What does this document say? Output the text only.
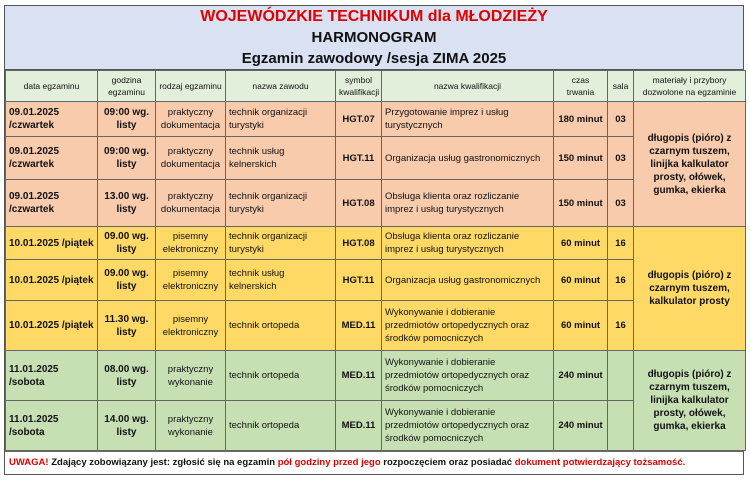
WOJEWÓDZKIE TECHNIKUM dla MŁODZIEŻY
HARMONOGRAM
Egzamin zawodowy /sesja ZIMA 2025
data egzaminu	godzina egzaminu	rodzaj egzaminu	nazwa zawodu	symbol kwalifikacji	nazwa kwalifikacji	czas trwania	sala	materiały i przybory dozwolone na egzaminie
09.01.2025 /czwartek	09:00 wg. listy	praktyczny dokumentacja	technik organizacji turystyki	HGT.07	Przygotowanie imprez i usług turystycznych	180 minut	03	długopis (pióro) z czarnym tuszem, linijka kalkulator prosty, ołówek, gumka, ekierka
09.01.2025 /czwartek	09:00 wg. listy	praktyczny dokumentacja	technik usług kelnerskich	HGT.11	Organizacja usług gastronomicznych	150 minut	03	
09.01.2025 /czwartek	13.00 wg. listy	praktyczny dokumentacja	technik organizacji turystyki	HGT.08	Obsługa klienta oraz rozliczanie imprez i usług turystycznych	150 minut	03	
10.01.2025 /piątek	09.00 wg. listy	pisemny elektroniczny	technik organizacji turystyki	HGT.08	Obsługa klienta oraz rozliczanie imprez i usług turystycznych	60 minut	16	długopis (pióro) z czarnym tuszem, kalkulator prosty
10.01.2025 /piątek	09.00 wg. listy	pisemny elektroniczny	technik usług kelnerskich	HGT.11	Organizacja usług gastronomicznych	60 minut	16	
10.01.2025 /piątek	11.30 wg. listy	pisemny elektroniczny	technik ortopeda	MED.11	Wykonywanie i dobieranie przedmiotów ortopedycznych oraz środków pomocniczych	60 minut	16	
11.01.2025 /sobota	08.00 wg. listy	praktyczny wykonanie	technik ortopeda	MED.11	Wykonywanie i dobieranie przedmiotów ortopedycznych oraz środków pomocniczych	240 minut		długopis (pióro) z czarnym tuszem, linijka kalkulator prosty, ołówek, gumka, ekierka
11.01.2025 /sobota	14.00 wg. listy	praktyczny wykonanie	technik ortopeda	MED.11	Wykonywanie i dobieranie przedmiotów ortopedycznych oraz środków pomocniczych	240 minut		
UWAGA! Zdający zobowiązany jest: zgłosić się na egzamin pół godziny przed jego rozpoczęciem oraz posiadać dokument potwierdzający tożsamość.
